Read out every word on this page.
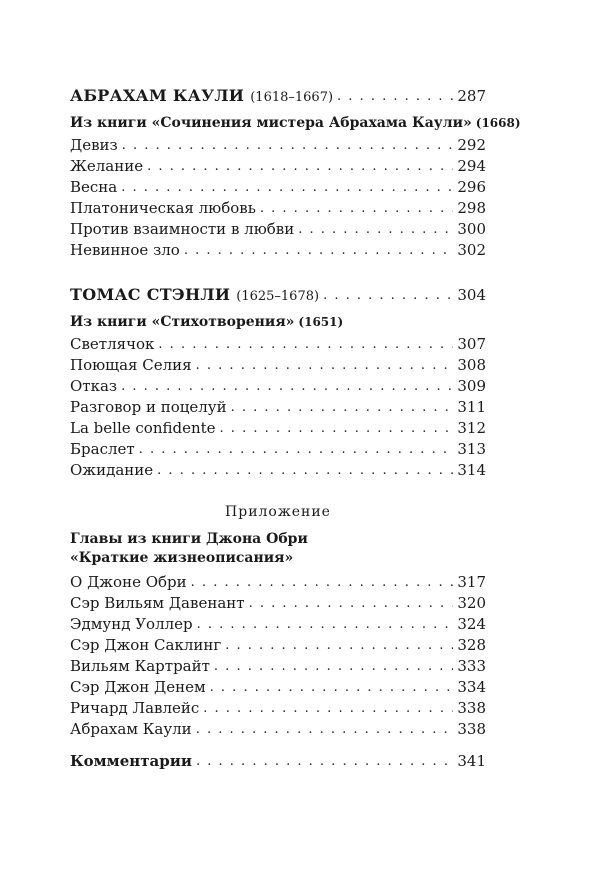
АБРАХАМ КАУЛИ (1618–1667) . . .	287
Из книги «Сочинения мистера Абрахама Каули» (1668)
Девиз . . .	292
Желание . . .	294
Весна . . .	296
Платоническая любовь . . .	298
Против взаимности в любви . . .	300
Невинное зло . . .	302
ТОМАС СТЭНЛИ (1625–1678) . . .	304
Из книги «Стихотворения» (1651)
Светлячок . . .	307
Поющая Селия . . .	308
Отказ . . .	309
Разговор и поцелуй . . .	311
La belle confidente . . .	312
Браслет . . .	313
Ожидание . . .	314
Приложение
Главы из книги Джона Обри
«Краткие жизнеописания»
О Джоне Обри . . .	317
Сэр Вильям Давенант . . .	320
Эдмунд Уоллер . . .	324
Сэр Джон Саклинг . . .	328
Вильям Картрайт . . .	333
Сэр Джон Денем . . .	334
Ричард Лавлейс . . .	338
Абрахам Каули . . .	338
Комментарии . . .	341
